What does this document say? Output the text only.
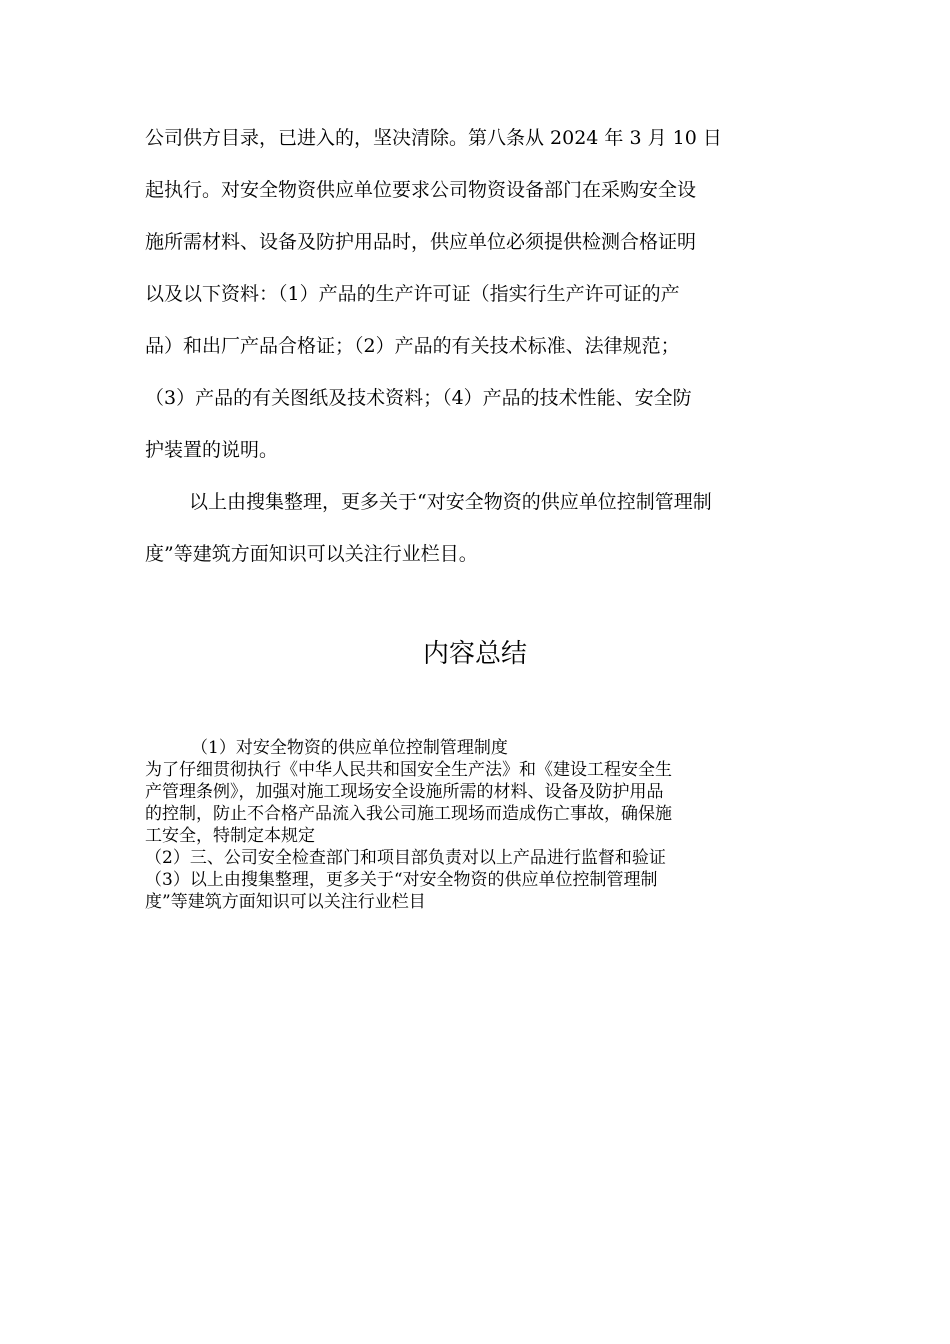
公司供方目录，已进入的，坚决清除。第八条从 2024 年 3 月 10 日
起执行。对安全物资供应单位要求公司物资设备部门在采购安全设
施所需材料、设备及防护用品时，供应单位必须提供检测合格证明
以及以下资料：（1）产品的生产许可证（指实行生产许可证的产
品）和出厂产品合格证；（2）产品的有关技术标准、法律规范；
（3）产品的有关图纸及技术资料；（4）产品的技术性能、安全防
护装置的说明。
以上由搜集整理，更多关于“对安全物资的供应单位控制管理制
度”等建筑方面知识可以关注行业栏目。
内容总结
（1）对安全物资的供应单位控制管理制度
为了仔细贯彻执行《中华人民共和国安全生产法》和《建设工程安全生
产管理条例》，加强对施工现场安全设施所需的材料、设备及防护用品
的控制，防止不合格产品流入我公司施工现场而造成伤亡事故，确保施
工安全，特制定本规定
（2）三、公司安全检查部门和项目部负责对以上产品进行监督和验证
（3）以上由搜集整理，更多关于“对安全物资的供应单位控制管理制
度”等建筑方面知识可以关注行业栏目
